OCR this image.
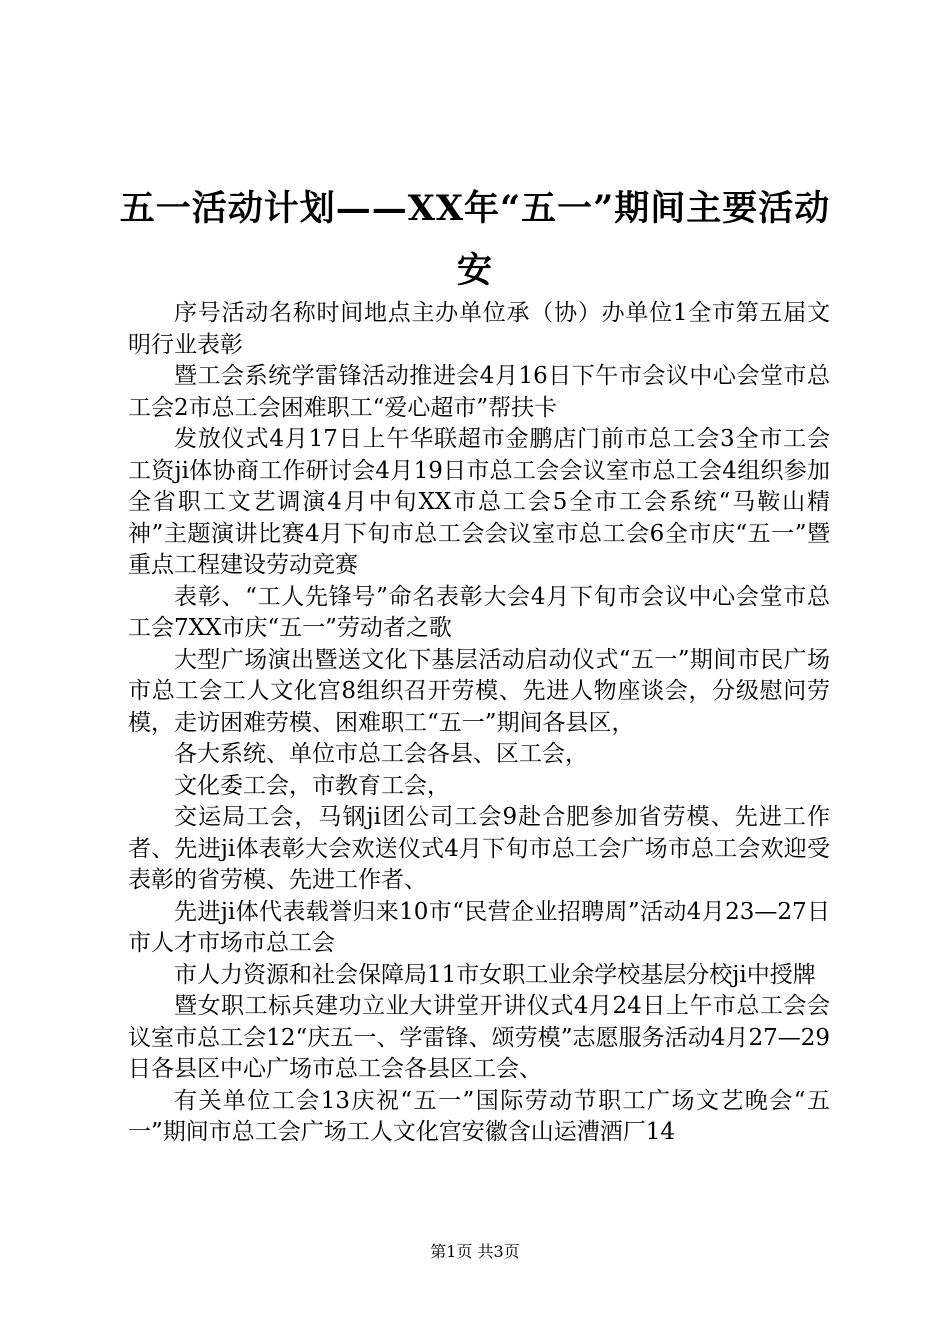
五一活动计划——XX年“五一”期间主要活动安

序号活动名称时间地点主办单位承（协）办单位1全市第五届文明行业表彰

暨工会系统学雷锋活动推进会4月16日下午市会议中心会堂市总工会2市总工会困难职工“爱心超市”帮扶卡

发放仪式4月17日上午华联超市金鹏店门前市总工会3全市工会工资ji体协商工作研讨会4月19日市总工会会议室市总工会4组织参加全省职工文艺调演4月中旬XX市总工会5全市工会系统“马鞍山精神”主题演讲比赛4月下旬市总工会会议室市总工会6全市庆“五一”暨重点工程建设劳动竞赛

表彰、“工人先锋号”命名表彰大会4月下旬市会议中心会堂市总工会7XX市庆“五一”劳动者之歌

大型广场演出暨送文化下基层活动启动仪式“五一”期间市民广场市总工会工人文化宫8组织召开劳模、先进人物座谈会，分级慰问劳模，走访困难劳模、困难职工“五一”期间各县区，

各大系统、单位市总工会各县、区工会，

文化委工会，市教育工会，

交运局工会，马钢ji团公司工会9赴合肥参加省劳模、先进工作者、先进ji体表彰大会欢送仪式4月下旬市总工会广场市总工会欢迎受表彰的省劳模、先进工作者、

先进ji体代表载誉归来10市“民营企业招聘周”活动4月23—27日市人才市场市总工会

市人力资源和社会保障局11市女职工业余学校基层分校ji中授牌

暨女职工标兵建功立业大讲堂开讲仪式4月24日上午市总工会会议室市总工会12“庆五一、学雷锋、颂劳模”志愿服务活动4月27—29日各县区中心广场市总工会各县区工会、

有关单位工会13庆祝“五一”国际劳动节职工广场文艺晚会“五一”期间市总工会广场工人文化宫安徽含山运漕酒厂14

第1页 共3页
